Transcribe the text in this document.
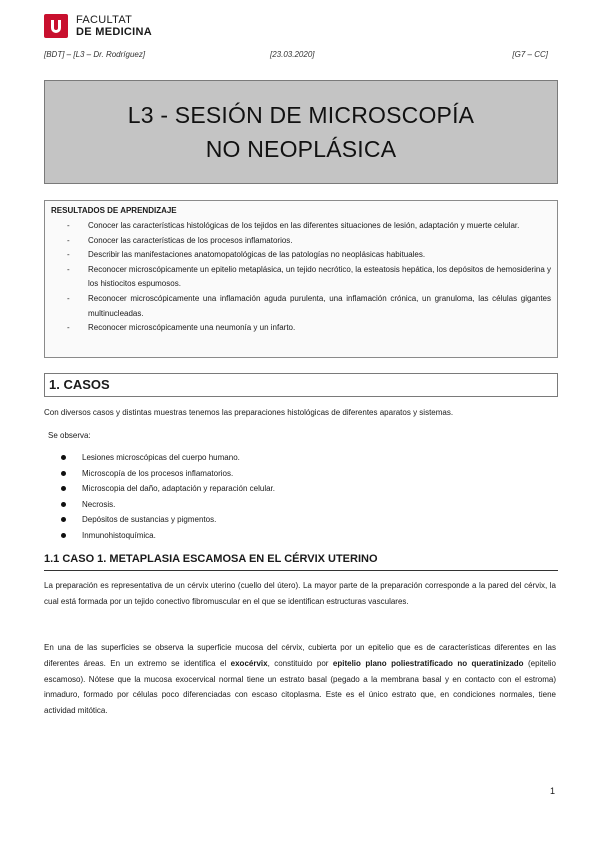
FACULTAT
DE MEDICINA
[BDT] – [L3 – Dr. Rodríguez]	[23.03.2020]	[G7 – CC]
L3 - SESIÓN DE MICROSCOPÍA NO NEOPLÁSICA
RESULTADOS DE APRENDIZAJE
- Conocer las características histológicas de los tejidos en las diferentes situaciones de lesión, adaptación y muerte celular.
- Conocer las características de los procesos inflamatorios.
- Describir las manifestaciones anatomopatológicas de las patologías no neoplásicas habituales.
- Reconocer microscópicamente un epitelio metaplásica, un tejido necrótico, la esteatosis hepática, los depósitos de hemosiderina y los histiocitos espumosos.
- Reconocer microscópicamente una inflamación aguda purulenta, una inflamación crónica, un granuloma, las células gigantes multinucleadas.
- Reconocer microscópicamente una neumonía y un infarto.
1. CASOS
Con diversos casos y distintas muestras tenemos las preparaciones histológicas de diferentes aparatos y sistemas.
Se observa:
Lesiones microscópicas del cuerpo humano.
Microscopía de los procesos inflamatorios.
Microscopia del daño, adaptación y reparación celular.
Necrosis.
Depósitos de sustancias y pigmentos.
Inmunohistoquímica.
1.1 CASO 1. METAPLASIA ESCAMOSA EN EL CÉRVIX UTERINO
La preparación es representativa de un cérvix uterino (cuello del útero). La mayor parte de la preparación corresponde a la pared del cérvix, la cual está formada por un tejido conectivo fibromuscular en el que se identifican estructuras vasculares.
En una de las superficies se observa la superficie mucosa del cérvix, cubierta por un epitelio que es de características diferentes en las diferentes áreas. En un extremo se identifica el exocérvix, constituido por epitelio plano poliestratificado no queratinizado (epitelio escamoso). Nótese que la mucosa exocervical normal tiene un estrato basal (pegado a la membrana basal y en contacto con el estroma) inmaduro, formado por células poco diferenciadas con escaso citoplasma. Este es el único estrato que, en condiciones normales, tiene actividad mitótica.
1
